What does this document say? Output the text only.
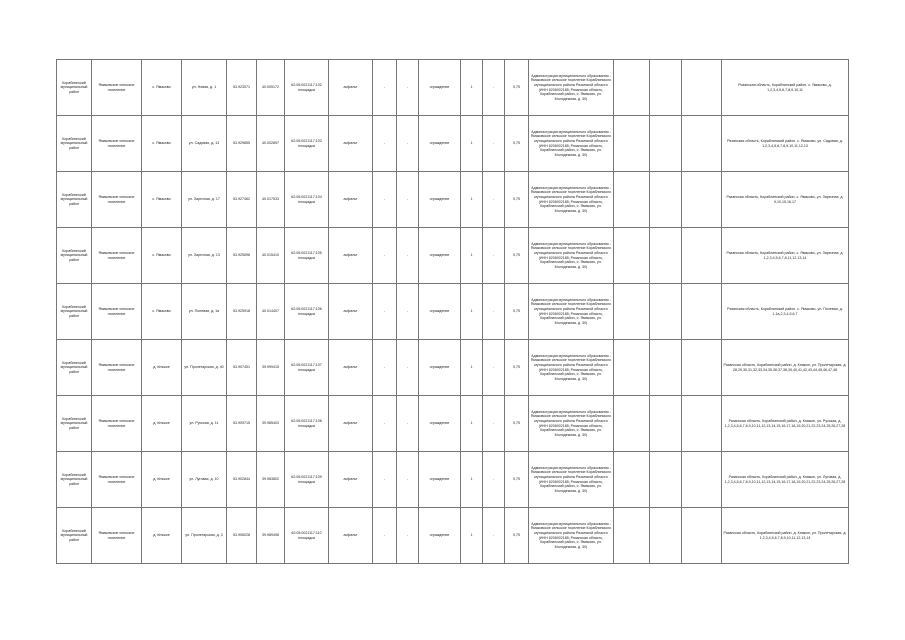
Кораблинский муниципальный район	Ямаковское сельское поселение	с. Ямаково	ул. Новая, д. 1	53.923071	40.005172	62:05:0021117:102 площадка	асфальт	-	-	ограждение	1	-	0,75	Администрация муниципального образования - Ямаковское сельское поселение Кораблинского муниципального района Рязанской области (ИНН 6206002185; Рязанская область, Кораблинский район, с. Ямаково, ул. Молодежная, д. 30)				Рязанская область, Кораблинский район, с. Ямаково, д. 1,2,3,4,5,6,7,8,9,10,11
Кораблинский муниципальный район	Ямаковское сельское поселение	с. Ямаково	ул. Садовая, д. 13	53.929855	40.002897	62:05:0021117:103 площадка	асфальт	-	-	ограждение	1	-	0,75	Администрация муниципального образования - Ямаковское сельское поселение Кораблинского муниципального района Рязанской области (ИНН 6206002185; Рязанская область, Кораблинский район, с. Ямаково, ул. Молодежная, д. 30)				Рязанская область, Кораблинский район, с. Ямаково, ул. Садовая, д. 1,2,3,4,5,6,7,8,9,10,11,12,13
Кораблинский муниципальный район	Ямаковское сельское поселение	с. Ямаково	ул. Заречная, д. 17	53.927462	40.017533	62:05:0021117:104 площадка	асфальт	-	-	ограждение	1	-	0,75	Администрация муниципального образования - Ямаковское сельское поселение Кораблинского муниципального района Рязанской области (ИНН 6206002185; Рязанская область, Кораблинский район, с. Ямаково, ул. Молодежная, д. 30)				Рязанская область, Кораблинский район, с. Ямаково, ул. Заречная, д. 9,10,15,16,17
Кораблинский муниципальный район	Ямаковское сельское поселение	с. Ямаково	ул. Заречная, д. 13	53.925596	40.015410	62:05:0021117:105 площадка	асфальт	-	-	ограждение	1	-	0,75	Администрация муниципального образования - Ямаковское сельское поселение Кораблинского муниципального района Рязанской области (ИНН 6206002185; Рязанская область, Кораблинский район, с. Ямаково, ул. Молодежная, д. 30)				Рязанская область, Кораблинский район, с. Ямаково, ул. Заречная, д. 1,2,3,4,5,6,7,8,11,12,13,14
Кораблинский муниципальный район	Ямаковское сельское поселение	с. Ямаково	ул. Полевая, д. 1а	53.925918	40.014407	62:05:0021117:106 площадка	асфальт	-	-	ограждение	1	-	0,75	Администрация муниципального образования - Ямаковское сельское поселение Кораблинского муниципального района Рязанской области (ИНН 6206002185; Рязанская область, Кораблинский район, с. Ямаково, ул. Молодежная, д. 30)				Рязанская область, Кораблинский район, с. Ямаково, ул. Полевая, д. 1,1а,2,3,4,5,6,7
Кораблинский муниципальный район	Ямаковское сельское поселение	д. Княжое	ул. Пролетарская, д. 40	53.907451	39.999415	62:05:0021117:107 площадка	асфальт	-	-	ограждение	1	-	0,75	Администрация муниципального образования - Ямаковское сельское поселение Кораблинского муниципального района Рязанской области (ИНН 6206002185; Рязанская область, Кораблинский район, с. Ямаково, ул. Молодежная, д. 30)				Рязанская область, Кораблинский район, д. Княжое, ул. Пролетарская, д. 28,29,30,31,32,33,34,35,36,37,38,39,40,41,42,43,44,45,46,47,48
Кораблинский муниципальный район	Ямаковское сельское поселение	д. Княжое	ул. Русская, д. 11	53.909715	39.985403	62:05:0021117:108 площадка	асфальт	-	-	ограждение	1	-	0,75	Администрация муниципального образования - Ямаковское сельское поселение Кораблинского муниципального района Рязанской области (ИНН 6206002185; Рязанская область, Кораблинский район, с. Ямаково, ул. Молодежная, д. 30)				Рязанская область, Кораблинский район, д. Княжое, ул. Русская, д. 1,2,3,4,5,6,7,8,9,10,11,12,13,14,15,16,17,18,19,20,21,22,23,24,25,26,27,28
Кораблинский муниципальный район	Ямаковское сельское поселение	д. Княжое	ул. Луговая, д. 10	53.902844	39.983802	62:05:0021117:109 площадка	асфальт	-	-	ограждение	1	-	0,75	Администрация муниципального образования - Ямаковское сельское поселение Кораблинского муниципального района Рязанской области (ИНН 6206002185; Рязанская область, Кораблинский район, с. Ямаково, ул. Молодежная, д. 30)				Рязанская область, Кораблинский район, д. Княжое, ул. Луговая, д. 1,2,3,4,5,6,7,8,9,10,11,12,13,14,15,16,17,18,19,20,21,22,23,24,25,26,27,28
Кораблинский муниципальный район	Ямаковское сельское поселение	д. Княжое	ул. Пролетарская, д. 3	53.906028	39.989498	62:05:0021117:110 площадка	асфальт	-	-	ограждение	1	-	0,75	Администрация муниципального образования - Ямаковское сельское поселение Кораблинского муниципального района Рязанской области (ИНН 6206002185; Рязанская область, Кораблинский район, с. Ямаково, ул. Молодежная, д. 30)				Рязанская область, Кораблинский район, д. Княжое, ул. Пролетарская, д. 1,2,3,4,5,6,7,8,9,10,11,12,13,14
